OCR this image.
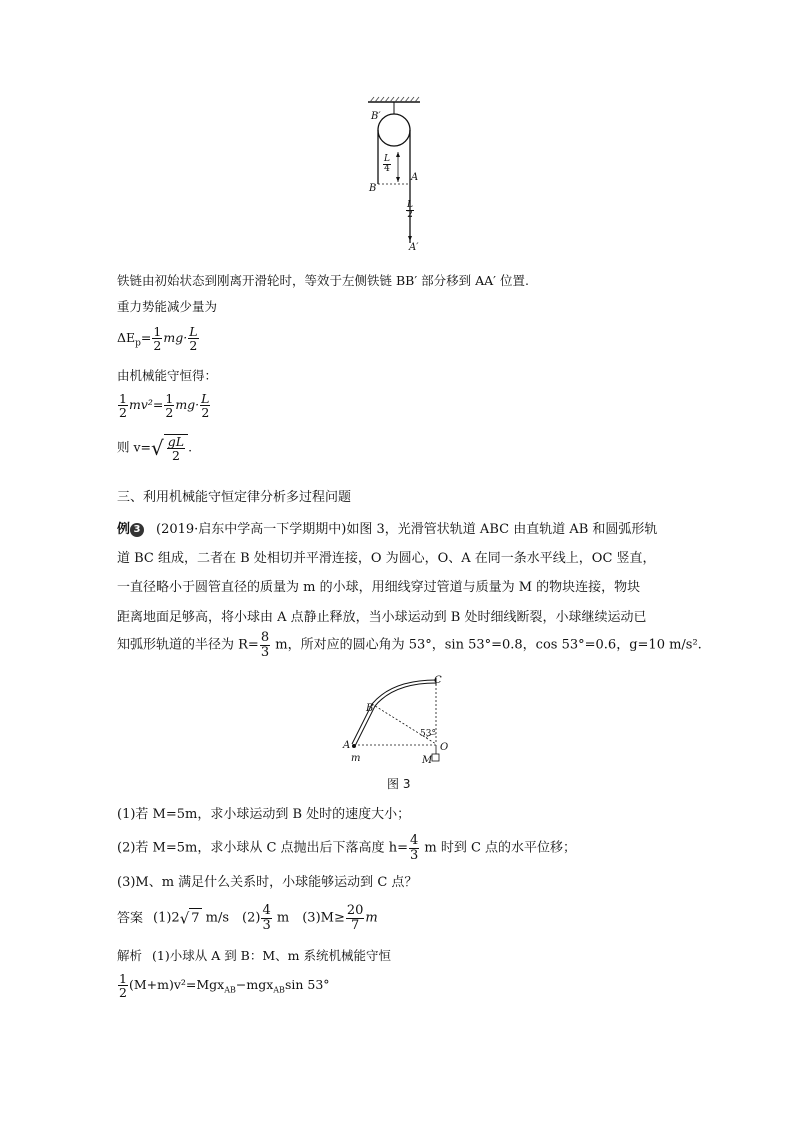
B′
B
A
A′
$\frac{L}{4}$
$\frac{L}{2}$
铁链由初始状态到刚离开滑轮时，等效于左侧铁链 BB′ 部分移到 AA′ 位置.
重力势能减少量为
$\Delta E_p= \frac{1}{2} mg\cdot \frac{L}{2}$
由机械能守恒得：
$\frac{1}{2} mv^2= \frac{1}{2} mg\cdot \frac{L}{2}$
则 $v=√ \frac{gL}{2}$ .
三、利用机械能守恒定律分析多过程问题
例 3 (2019·启东中学高一下学期期中)如图 3，光滑管状轨道 ABC 由直轨道 AB 和圆弧形轨
道 BC 组成，二者在 B 处相切并平滑连接，O 为圆心，O、A 在同一条水平线上，OC 竖直，
一直径略小于圆管直径的质量为 m 的小球，用细线穿过管道与质量为 M 的物块连接，物块
距离地面足够高，将小球由 A 点静止释放，当小球运动到 B 处时细线断裂，小球继续运动已
知弧形轨道的半径为 $R= \frac{8}{3}$ m，所对应的圆心角为 53°，sin 53°=0.8，cos 53°=0.6，g=10 m/s².
A
B
C
O
M
m
53°
图 3
(1)若 M=5m，求小球运动到 B 处时的速度大小；
(2)若 M=5m，求小球从 C 点抛出后下落高度 $h= \frac{4}{3}$ m 时到 C 点的水平位移；
(3)M、m 满足什么关系时，小球能够运动到 C 点？
答案 (1)2√ 7 m/s　$(2) \frac{4}{3}$ m　$(3)M\ge \frac{20}{7}$ m
解析 (1)小球从 A 到 B：M、m 系统机械能守恒
$\frac{1}{2} (M+m)v^2=Mgx_{AB}-mgx_{AB}\sin$ 53°
